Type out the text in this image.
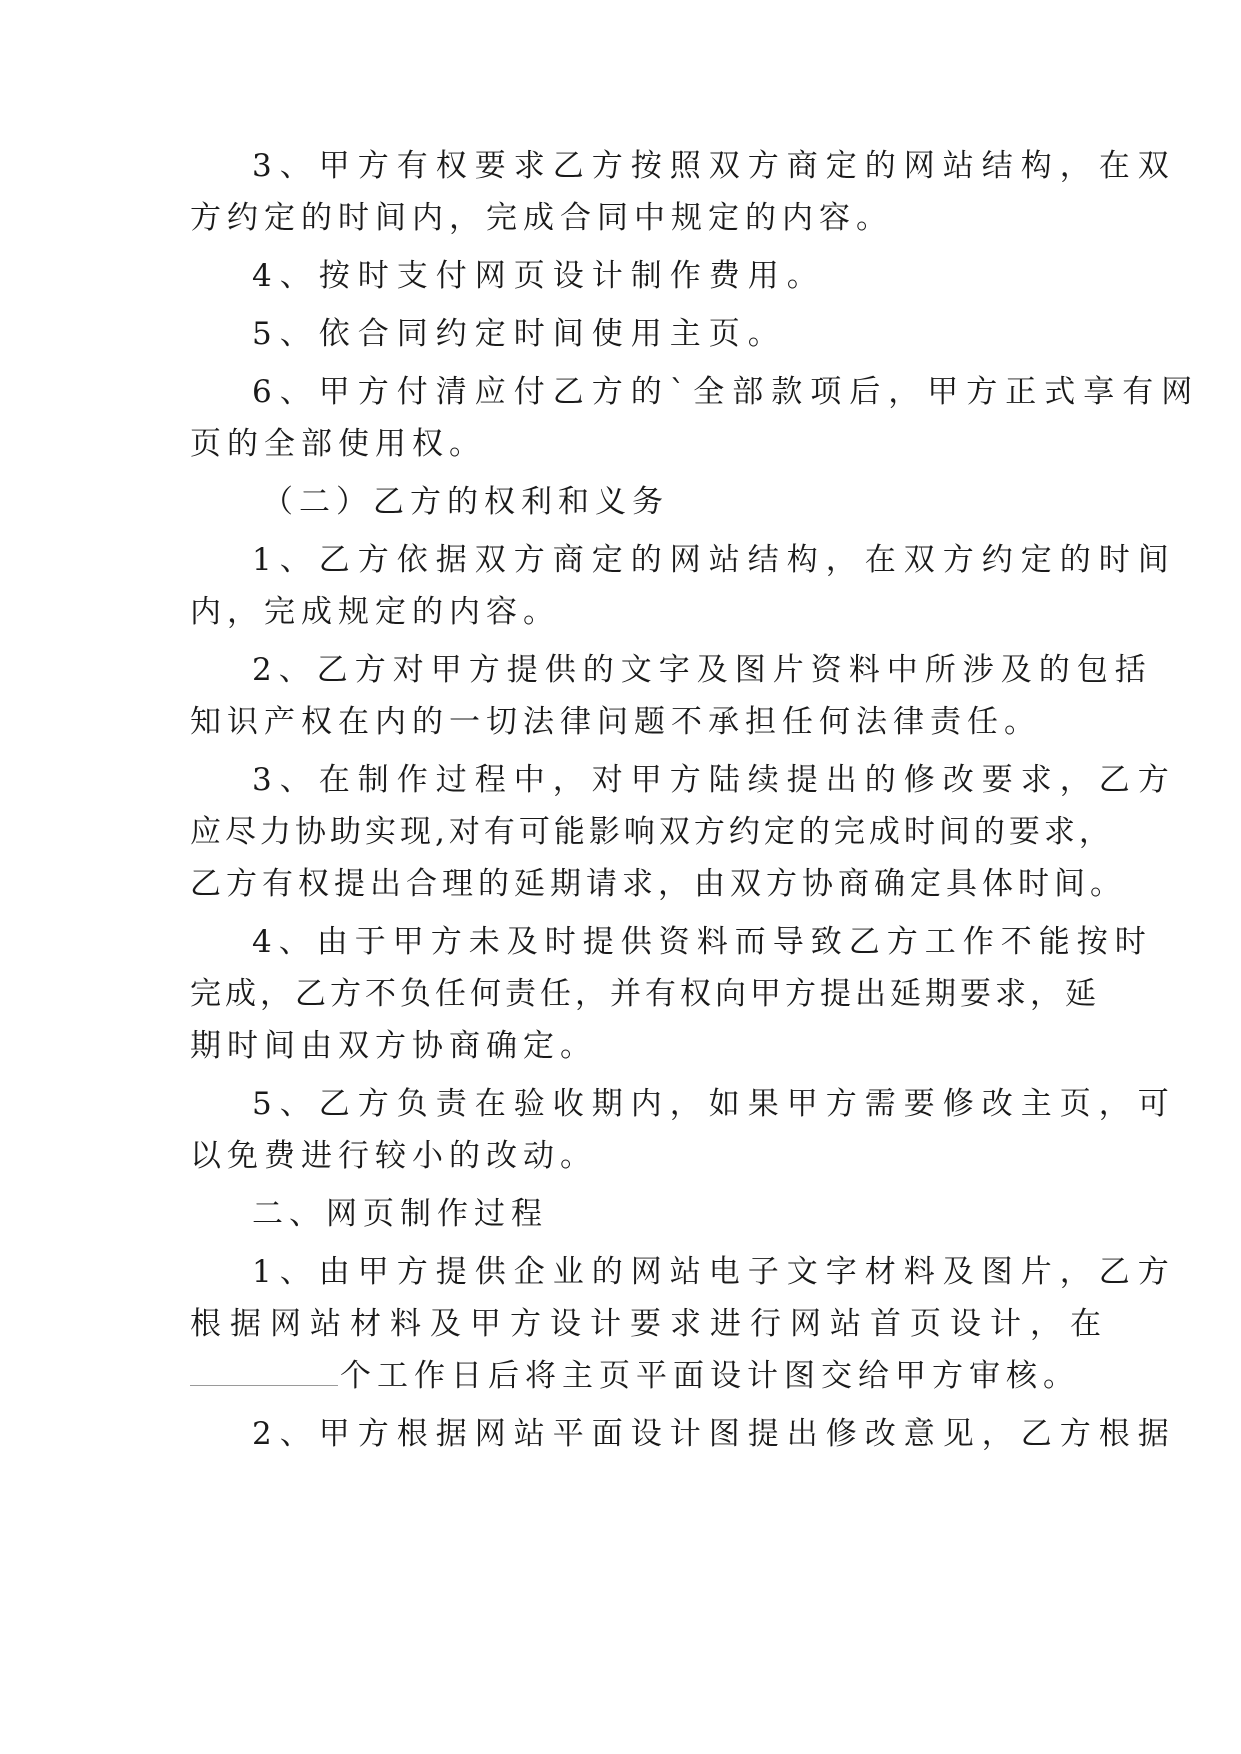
3、甲方有权要求乙方按照双方商定的网站结构，在双
方约定的时间内，完成合同中规定的内容。
4、按时支付网页设计制作费用。
5、依合同约定时间使用主页。
6、甲方付清应付乙方的`全部款项后，甲方正式享有网
页的全部使用权。
（二）乙方的权利和义务
1、乙方依据双方商定的网站结构，在双方约定的时间
内，完成规定的内容。
2、乙方对甲方提供的文字及图片资料中所涉及的包括
知识产权在内的一切法律问题不承担任何法律责任。
3、在制作过程中，对甲方陆续提出的修改要求，乙方
应尽力协助实现,对有可能影响双方约定的完成时间的要求，
乙方有权提出合理的延期请求，由双方协商确定具体时间。
4、由于甲方未及时提供资料而导致乙方工作不能按时
完成，乙方不负任何责任，并有权向甲方提出延期要求，延
期时间由双方协商确定。
5、乙方负责在验收期内，如果甲方需要修改主页，可
以免费进行较小的改动。
二、网页制作过程
1、由甲方提供企业的网站电子文字材料及图片，乙方
根据网站材料及甲方设计要求进行网站首页设计，在
个工作日后将主页平面设计图交给甲方审核。
2、甲方根据网站平面设计图提出修改意见，乙方根据
